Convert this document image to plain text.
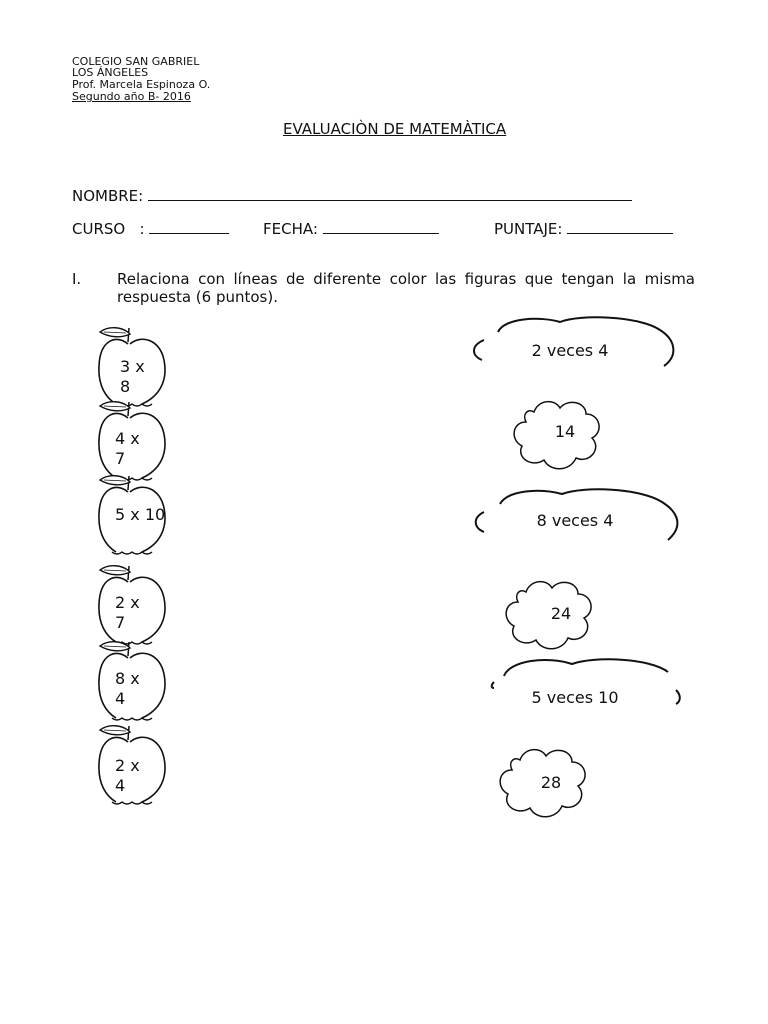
COLEGIO SAN GABRIEL
LOS ÁNGELES
Prof. Marcela Espinoza O.
Segundo año B- 2016
EVALUACIÒN DE MATEMÀTICA
NOMBRE:
CURSO   :	FECHA:	PUNTAJE:
I. Relaciona con líneas de diferente color las figuras que tengan la misma respuesta (6 puntos).
3 x
8
4 x
7
5 x 10
2 x
7
8 x
4
2 x
4
2 veces 4
14
8 veces 4
24
5 veces 10
28
